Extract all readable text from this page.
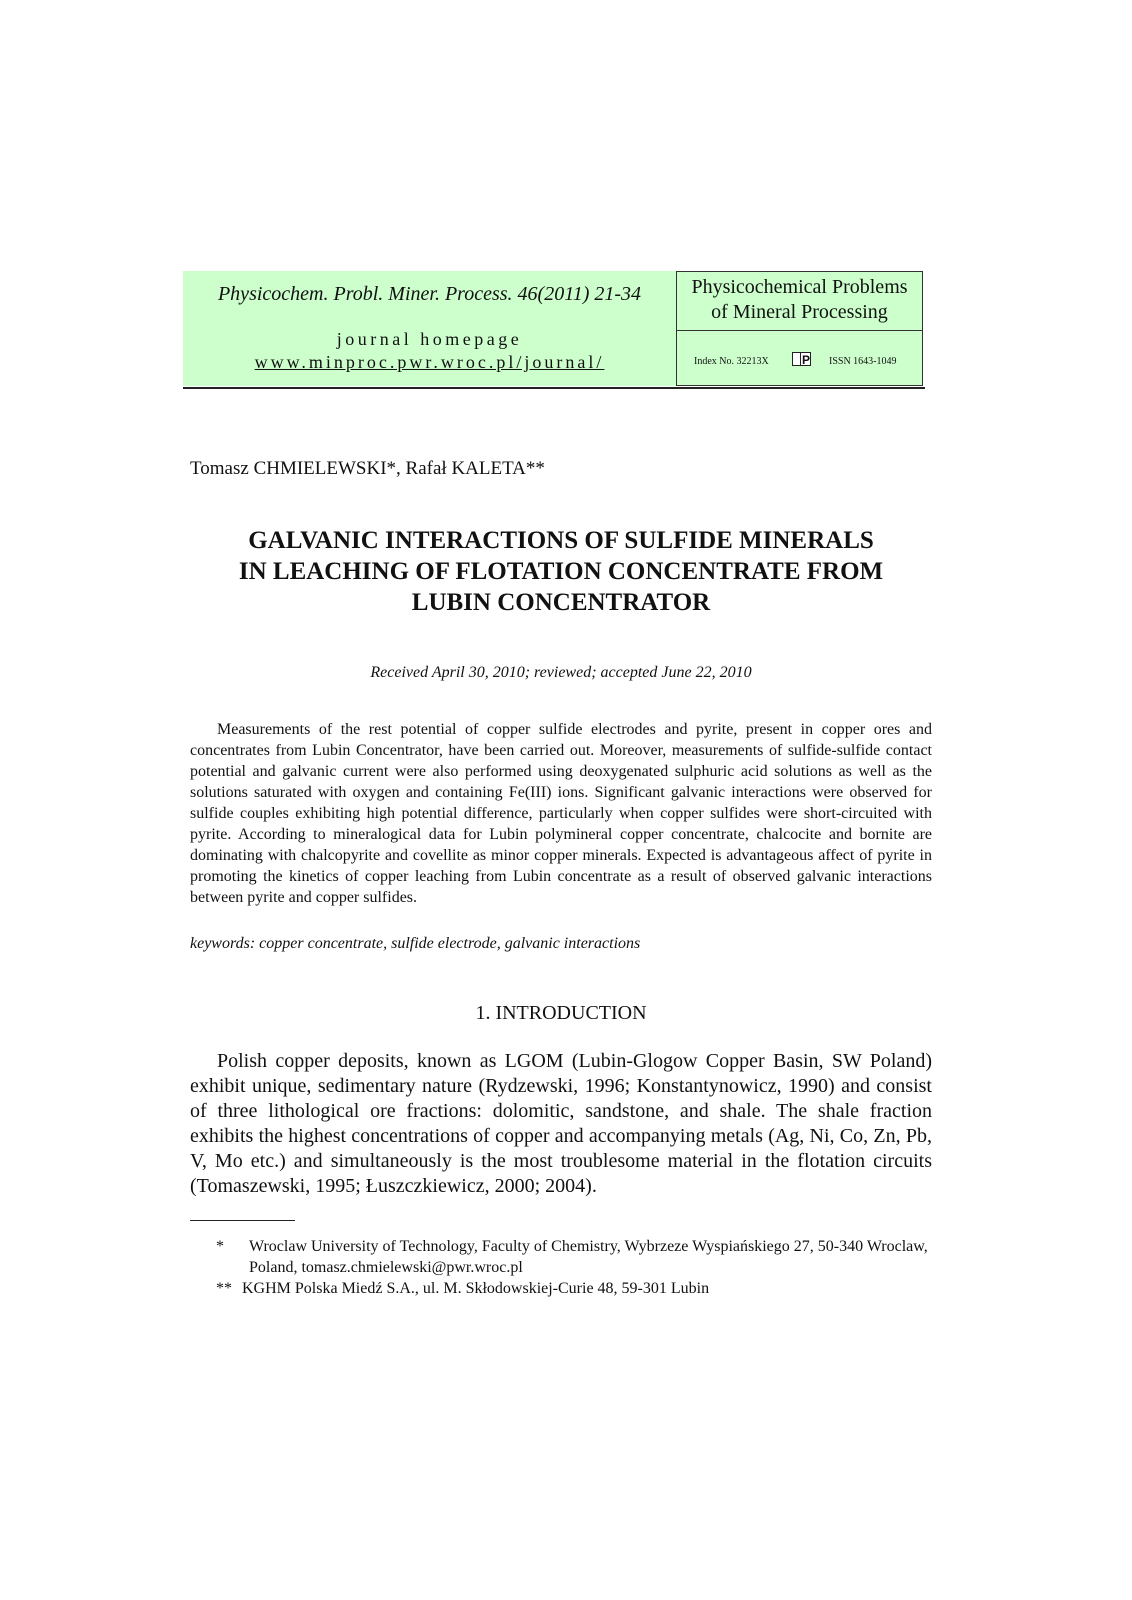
Physicochem. Probl. Miner. Process. 46(2011) 21-34
journal homepage
www.minproc.pwr.wroc.pl/journal/
Physicochemical Problems
of Mineral Processing
Index No. 32213X	P ISSN 1643-1049
Tomasz CHMIELEWSKI*, Rafał KALETA**
GALVANIC INTERACTIONS OF SULFIDE MINERALS
IN LEACHING OF FLOTATION CONCENTRATE FROM
LUBIN CONCENTRATOR
Received April 30, 2010; reviewed; accepted June 22, 2010

Measurements of the rest potential of copper sulfide electrodes and pyrite, present in copper ores and concentrates from Lubin Concentrator, have been carried out. Moreover, measurements of sulfide-sulfide contact potential and galvanic current were also performed using deoxygenated sulphuric acid solutions as well as the solutions saturated with oxygen and containing Fe(III) ions. Significant galvanic interactions were observed for sulfide couples exhibiting high potential difference, particularly when copper sulfides were short-circuited with pyrite. According to mineralogical data for Lubin polymineral copper concentrate, chalcocite and bornite are dominating with chalcopyrite and covellite as minor copper minerals. Expected is advantageous affect of pyrite in promoting the kinetics of copper leaching from Lubin concentrate as a result of observed galvanic interactions between pyrite and copper sulfides.

keywords: copper concentrate, sulfide electrode, galvanic interactions
1. INTRODUCTION

Polish copper deposits, known as LGOM (Lubin-Glogow Copper Basin, SW Poland) exhibit unique, sedimentary nature (Rydzewski, 1996; Konstantynowicz, 1990) and consist of three lithological ore fractions: dolomitic, sandstone, and shale. The shale fraction exhibits the highest concentrations of copper and accompanying metals (Ag, Ni, Co, Zn, Pb, V, Mo etc.) and simultaneously is the most troublesome material in the flotation circuits (Tomaszewski, 1995; Łuszczkiewicz, 2000; 2004).

*	Wroclaw University of Technology, Faculty of Chemistry, Wybrzeze Wyspiańskiego 27, 50-340 Wroclaw, Poland, tomasz.chmielewski@pwr.wroc.pl
** KGHM Polska Miedź S.A., ul. M. Skłodowskiej-Curie 48, 59-301 Lubin
